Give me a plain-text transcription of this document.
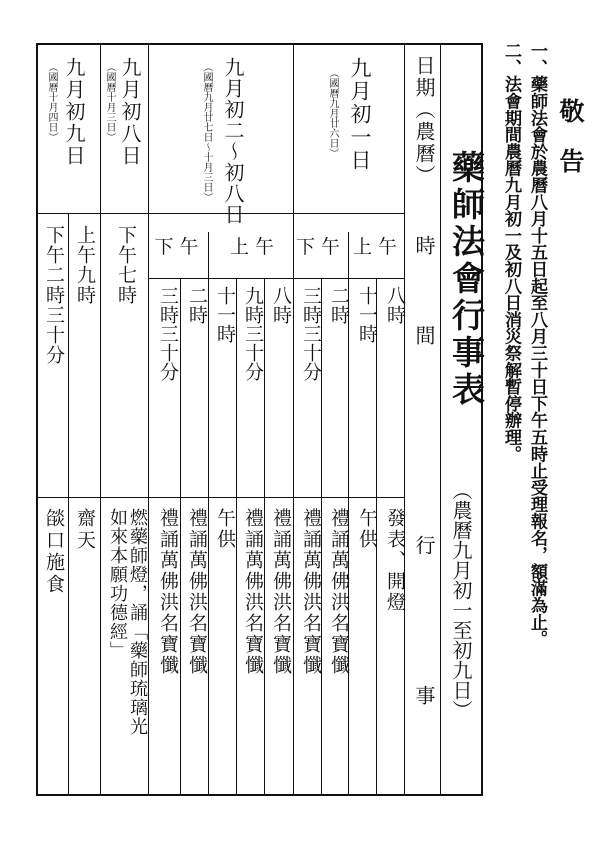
敬　告
一、藥師法會於農曆八月十五日起至八月三十日下午五時止受理報名，額滿為止。
二、法會期間農曆九月初一及初八日消災祭解暫停辦理。
藥師法會行事表
（農曆九月初一至初九日）
日期（農曆）
時　　間
行　　事
九月初一日
（國曆九月廿六日）
上午
下午
八時
十一時
二時
三時三十分
發表、開燈
午供
禮誦萬佛洪名寶懺
禮誦萬佛洪名寶懺
九月初二～初八日
（國曆九月廿七日～十月三日）
上午
下午
八時
九時三十分
十一時
二時
三時三十分
禮誦萬佛洪名寶懺
禮誦萬佛洪名寶懺
午供
禮誦萬佛洪名寶懺
禮誦萬佛洪名寶懺
九月初八日
（國曆十月三日）
下午七時
燃藥師燈，誦「藥師琉璃光
如來本願功德經」
九月初九日
（國曆十月四日）
上午九時
下午二時三十分
齋天
燄口施食
